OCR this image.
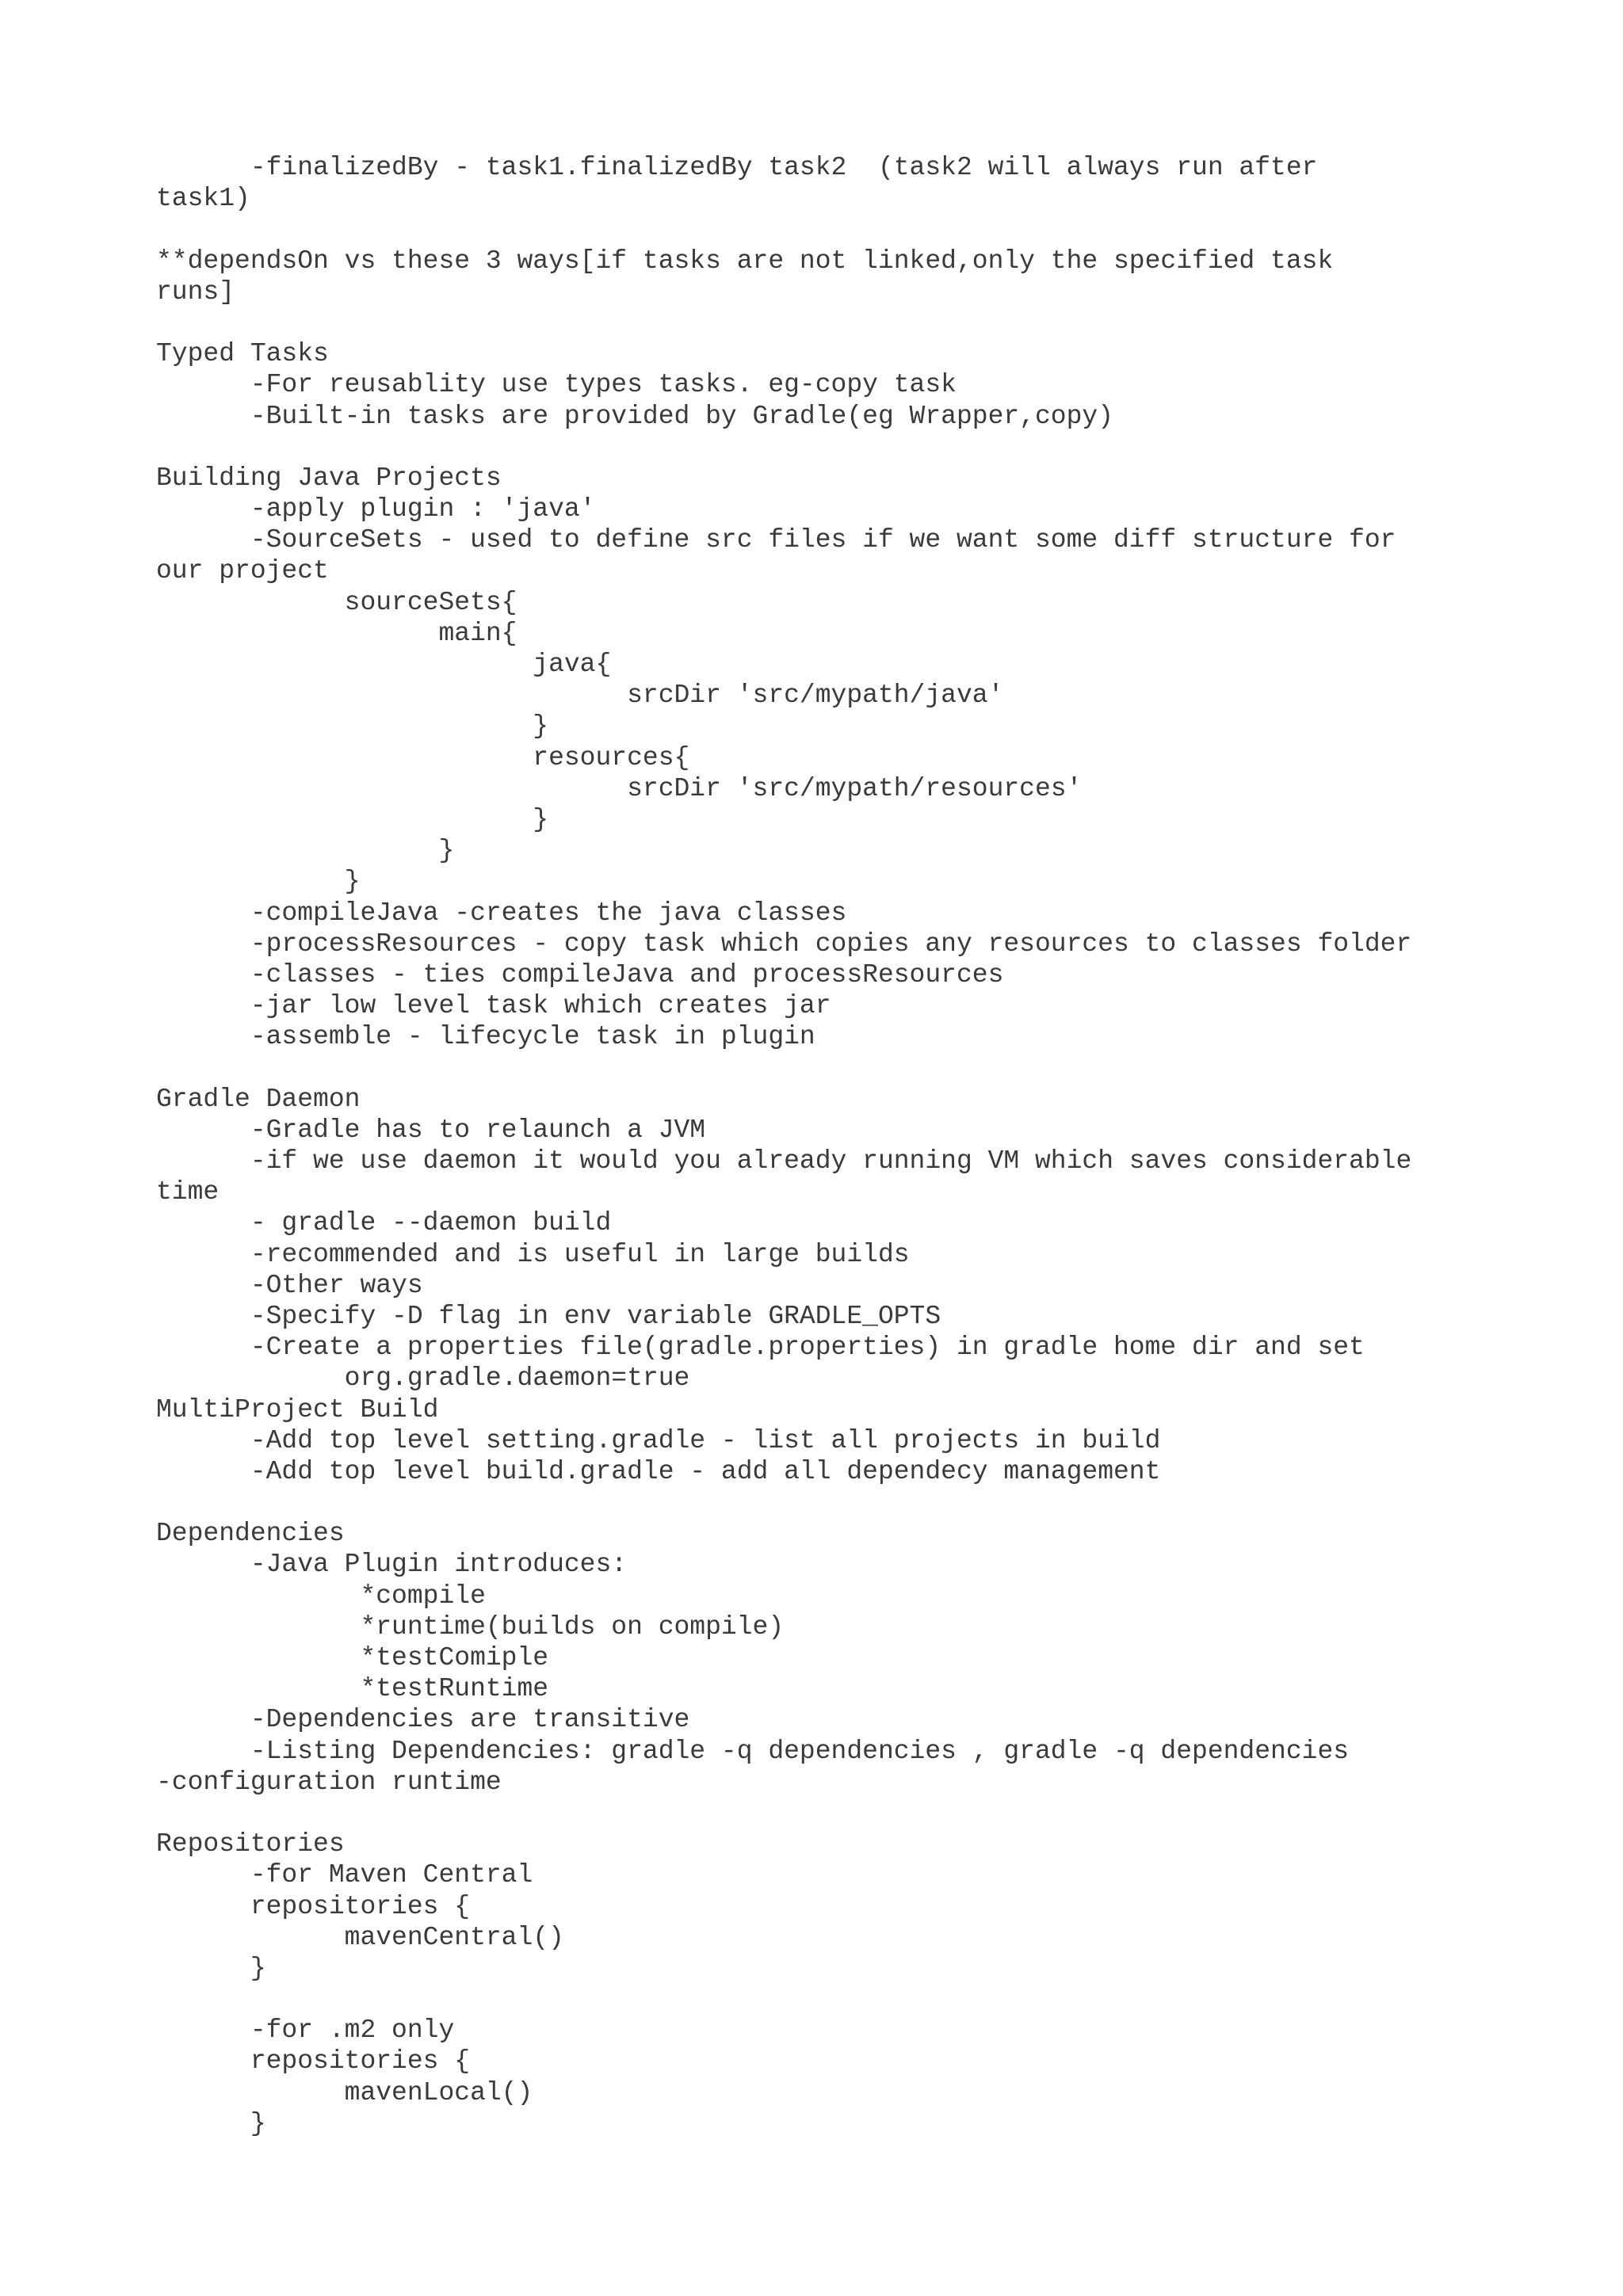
-finalizedBy - task1.finalizedBy task2  (task2 will always run after
task1)
**dependsOn vs these 3 ways[if tasks are not linked,only the specified task
runs]
Typed Tasks
-For reusablity use types tasks. eg-copy task
-Built-in tasks are provided by Gradle(eg Wrapper,copy)
Building Java Projects
-apply plugin : 'java'
-SourceSets - used to define src files if we want some diff structure for
our project
sourceSets{
main{
java{
srcDir 'src/mypath/java'
}
resources{
srcDir 'src/mypath/resources'
}
}
}
-compileJava -creates the java classes
-processResources - copy task which copies any resources to classes folder
-classes - ties compileJava and processResources
-jar low level task which creates jar
-assemble - lifecycle task in plugin
Gradle Daemon
-Gradle has to relaunch a JVM
-if we use daemon it would you already running VM which saves considerable
time
- gradle --daemon build
-recommended and is useful in large builds
-Other ways
-Specify -D flag in env variable GRADLE_OPTS
-Create a properties file(gradle.properties) in gradle home dir and set
org.gradle.daemon=true
MultiProject Build
-Add top level setting.gradle - list all projects in build
-Add top level build.gradle - add all dependecy management
Dependencies
-Java Plugin introduces:
*compile
*runtime(builds on compile)
*testComiple
*testRuntime
-Dependencies are transitive
-Listing Dependencies: gradle -q dependencies , gradle -q dependencies
-configuration runtime
Repositories
-for Maven Central
repositories {
mavenCentral()
}
-for .m2 only
repositories {
mavenLocal()
}
